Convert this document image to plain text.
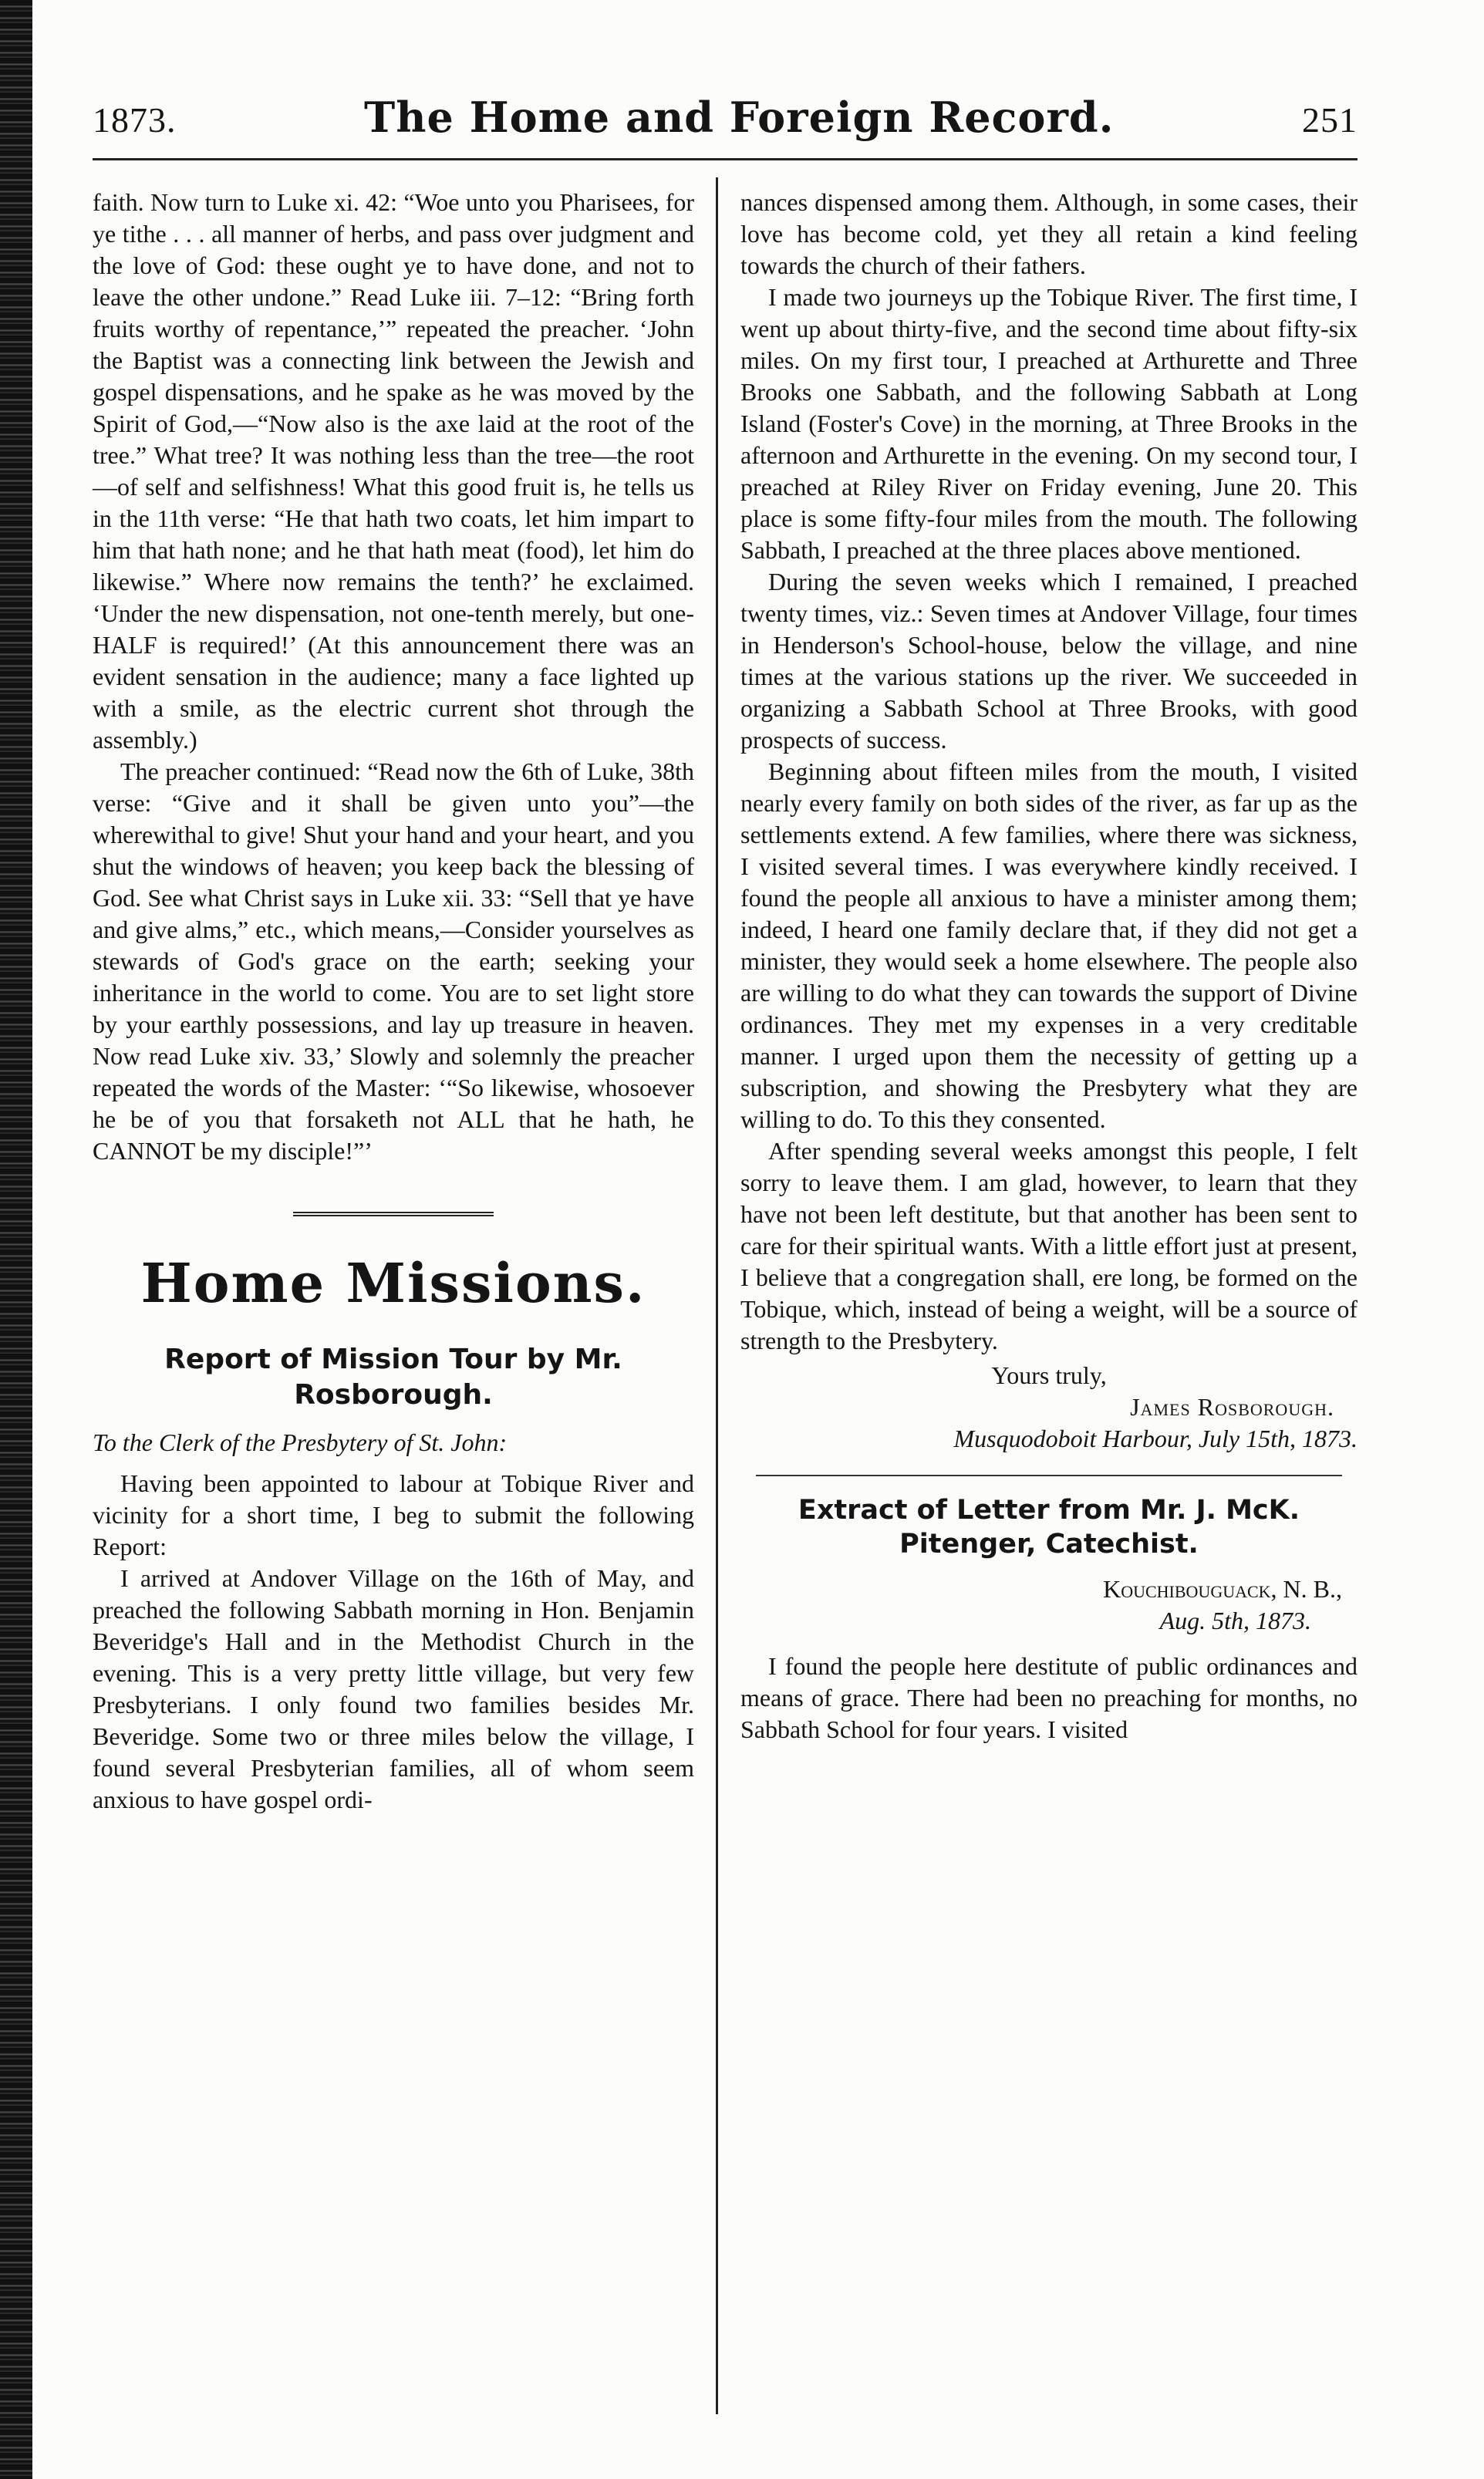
1873.	The Home and Foreign Record.	251

faith. Now turn to Luke xi. 42: “Woe unto you Pharisees, for ye tithe . . . all manner of herbs, and pass over judgment and the love of God: these ought ye to have done, and not to leave the other undone.” Read Luke iii. 7–12: “Bring forth fruits worthy of repentance,’” repeated the preacher. ‘John the Baptist was a connecting link between the Jewish and gospel dispensations, and he spake as he was moved by the Spirit of God,—“Now also is the axe laid at the root of the tree.” What tree? It was nothing less than the tree—the root—of self and selfishness! What this good fruit is, he tells us in the 11th verse: “He that hath two coats, let him impart to him that hath none; and he that hath meat (food), let him do likewise.” Where now remains the tenth?’ he exclaimed. ‘Under the new dispensation, not one-tenth merely, but one-HALF is required!’ (At this announcement there was an evident sensation in the audience; many a face lighted up with a smile, as the electric current shot through the assembly.)

The preacher continued: “Read now the 6th of Luke, 38th verse: “Give and it shall be given unto you”—the wherewithal to give! Shut your hand and your heart, and you shut the windows of heaven; you keep back the blessing of God. See what Christ says in Luke xii. 33: “Sell that ye have and give alms,” etc., which means,—Consider yourselves as stewards of God's grace on the earth; seeking your inheritance in the world to come. You are to set light store by your earthly possessions, and lay up treasure in heaven. Now read Luke xiv. 33,’ Slowly and solemnly the preacher repeated the words of the Master: ‘“So likewise, whosoever he be of you that forsaketh not ALL that he hath, he CANNOT be my disciple!”’

Home Missions.
Report of Mission Tour by Mr. Rosborough.
To the Clerk of the Presbytery of St. John:

Having been appointed to labour at Tobique River and vicinity for a short time, I beg to submit the following Report:

I arrived at Andover Village on the 16th of May, and preached the following Sabbath morning in Hon. Benjamin Beveridge's Hall and in the Methodist Church in the evening. This is a very pretty little village, but very few Presbyterians. I only found two families besides Mr. Beveridge. Some two or three miles below the village, I found several Presbyterian families, all of whom seem anxious to have gospel ordi-

nances dispensed among them. Although, in some cases, their love has become cold, yet they all retain a kind feeling towards the church of their fathers.

I made two journeys up the Tobique River. The first time, I went up about thirty-five, and the second time about fifty-six miles. On my first tour, I preached at Arthurette and Three Brooks one Sabbath, and the following Sabbath at Long Island (Foster's Cove) in the morning, at Three Brooks in the afternoon and Arthurette in the evening. On my second tour, I preached at Riley River on Friday evening, June 20. This place is some fifty-four miles from the mouth. The following Sabbath, I preached at the three places above mentioned.

During the seven weeks which I remained, I preached twenty times, viz.: Seven times at Andover Village, four times in Henderson's School-house, below the village, and nine times at the various stations up the river. We succeeded in organizing a Sabbath School at Three Brooks, with good prospects of success.

Beginning about fifteen miles from the mouth, I visited nearly every family on both sides of the river, as far up as the settlements extend. A few families, where there was sickness, I visited several times. I was everywhere kindly received. I found the people all anxious to have a minister among them; indeed, I heard one family declare that, if they did not get a minister, they would seek a home elsewhere. The people also are willing to do what they can towards the support of Divine ordinances. They met my expenses in a very creditable manner. I urged upon them the necessity of getting up a subscription, and showing the Presbytery what they are willing to do. To this they consented.

After spending several weeks amongst this people, I felt sorry to leave them. I am glad, however, to learn that they have not been left destitute, but that another has been sent to care for their spiritual wants. With a little effort just at present, I believe that a congregation shall, ere long, be formed on the Tobique, which, instead of being a weight, will be a source of strength to the Presbytery.

Yours truly,
James Rosborough.
Musquodoboit Harbour, July 15th, 1873.
Extract of Letter from Mr. J. McK. Pitenger, Catechist.
Kouchibouguack, N. B.,
Aug. 5th, 1873.

I found the people here destitute of public ordinances and means of grace. There had been no preaching for months, no Sabbath School for four years. I visited
